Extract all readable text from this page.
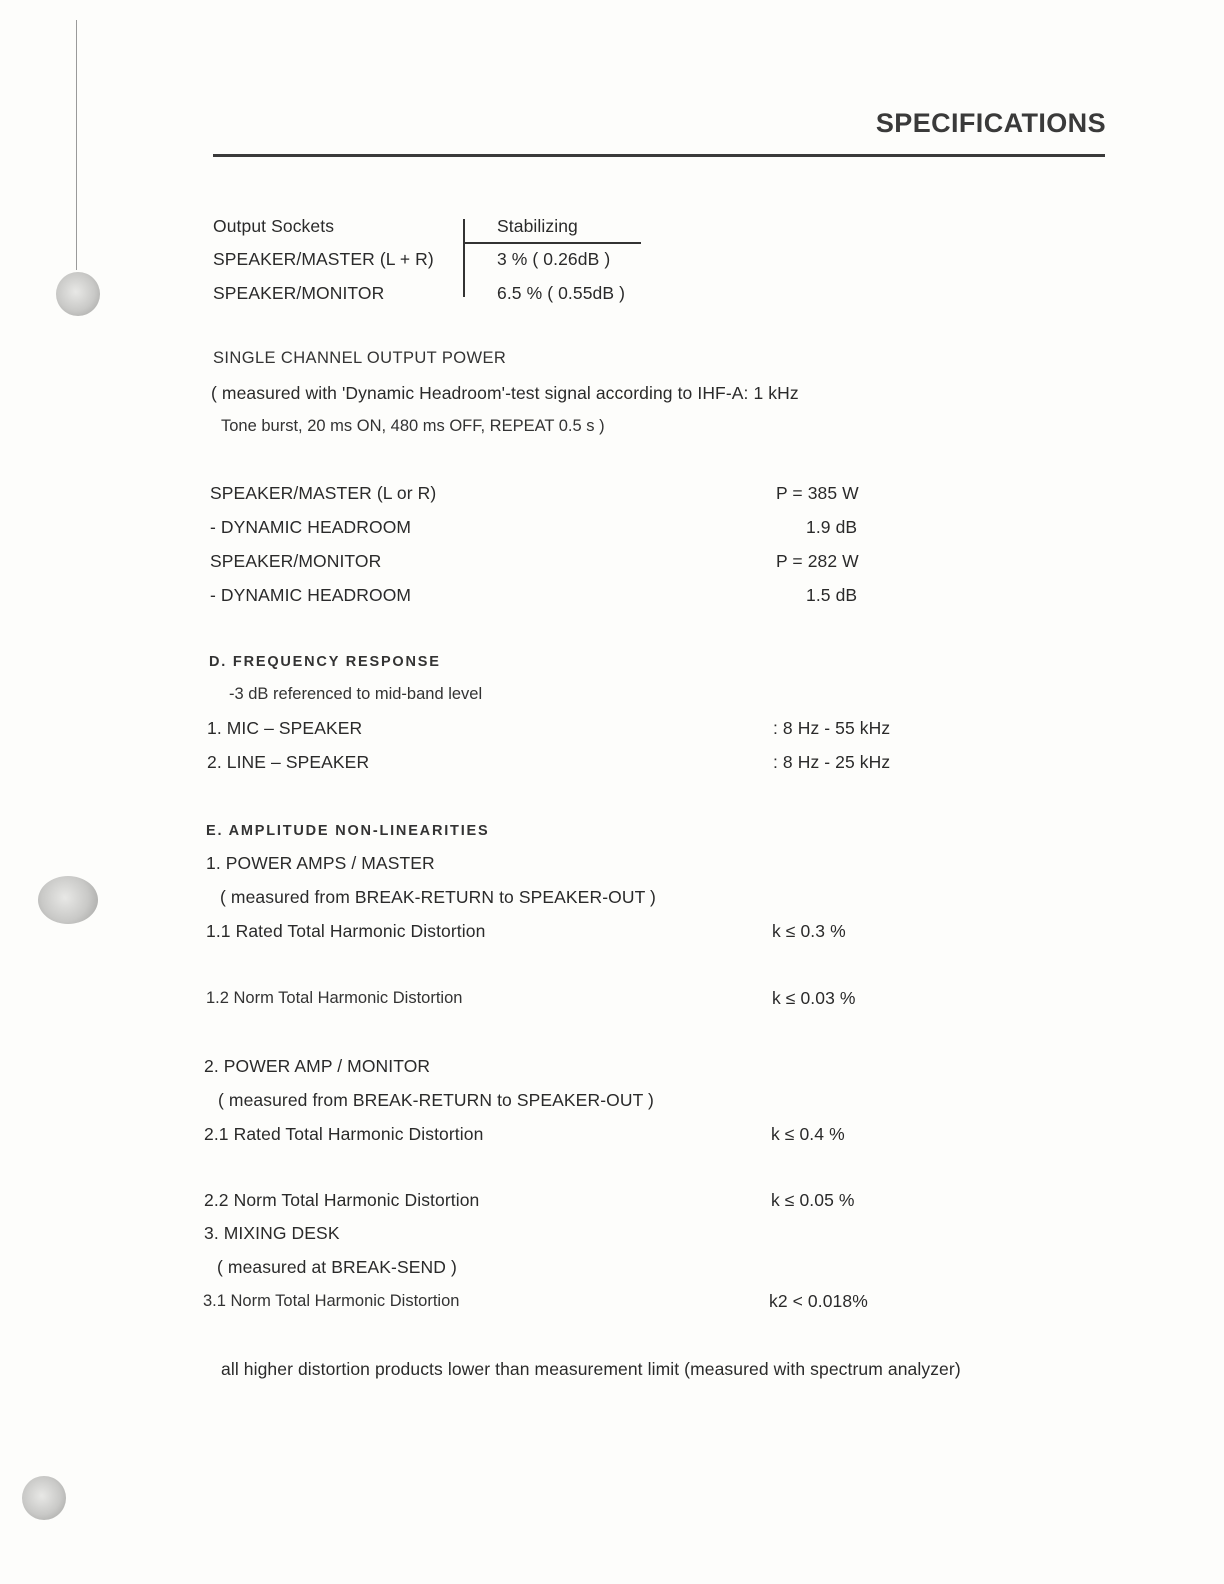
SPECIFICATIONS
Output Sockets	Stabilizing
SPEAKER/MASTER (L + R)	3 % ( 0.26dB )
SPEAKER/MONITOR	6.5 % ( 0.55dB )
SINGLE CHANNEL OUTPUT POWER
( measured with 'Dynamic Headroom'-test signal according to IHF-A: 1 kHz
Tone burst, 20 ms ON, 480 ms OFF, REPEAT 0.5 s )
SPEAKER/MASTER (L or R)	P = 385 W
- DYNAMIC HEADROOM	1.9 dB
SPEAKER/MONITOR	P = 282 W
- DYNAMIC HEADROOM	1.5 dB
D. FREQUENCY RESPONSE
-3 dB referenced to mid-band level
1. MIC – SPEAKER	: 8 Hz - 55 kHz
2. LINE – SPEAKER	: 8 Hz - 25 kHz
E. AMPLITUDE NON-LINEARITIES
1. POWER AMPS / MASTER
( measured from BREAK-RETURN to SPEAKER-OUT )
1.1 Rated Total Harmonic Distortion	k ≤ 0.3 %
1.2 Norm Total Harmonic Distortion	k ≤ 0.03 %
2. POWER AMP / MONITOR
( measured from BREAK-RETURN to SPEAKER-OUT )
2.1 Rated Total Harmonic Distortion	k ≤ 0.4 %
2.2 Norm Total Harmonic Distortion	k ≤ 0.05 %
3. MIXING DESK
( measured at BREAK-SEND )
3.1 Norm Total Harmonic Distortion	k2 < 0.018%
all higher distortion products lower than measurement limit (measured with spectrum analyzer)
